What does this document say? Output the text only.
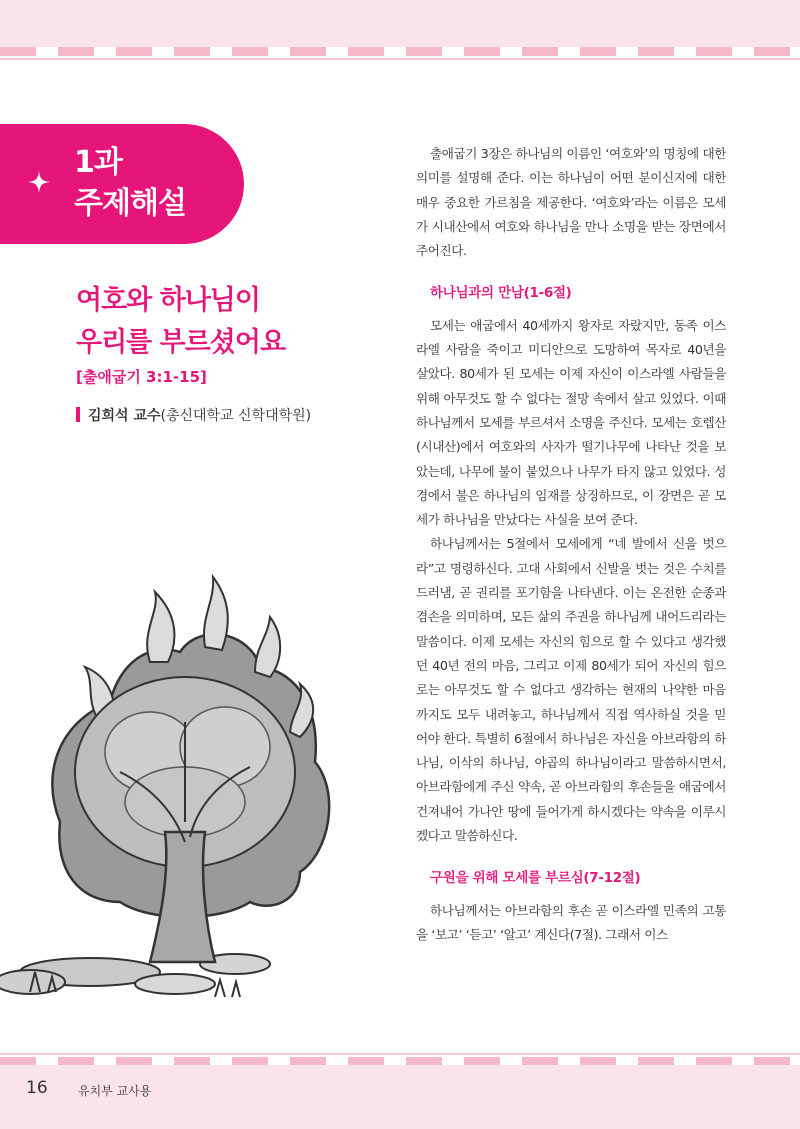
1과
주제해설
여호와 하나님이
우리를 부르셨어요
[출애굽기 3:1-15]
김희석 교수(총신대학교 신학대학원)

출애굽기 3장은 하나님의 이름인 ‘여호와’의 명칭에 대한 의미를 설명해 준다. 이는 하나님이 어떤 분이신지에 대한 매우 중요한 가르침을 제공한다. ‘여호와’라는 이름은 모세가 시내산에서 여호와 하나님을 만나 소명을 받는 장면에서 주어진다.

하나님과의 만남(1-6절)

모세는 애굽에서 40세까지 왕자로 자랐지만, 동족 이스라엘 사람을 죽이고 미디안으로 도망하여 목자로 40년을 살았다. 80세가 된 모세는 이제 자신이 이스라엘 사람들을 위해 아무것도 할 수 없다는 절망 속에서 살고 있었다. 이때 하나님께서 모세를 부르셔서 소명을 주신다. 모세는 호렙산(시내산)에서 여호와의 사자가 떨기나무에 나타난 것을 보았는데, 나무에 불이 붙었으나 나무가 타지 않고 있었다. 성경에서 불은 하나님의 임재를 상징하므로, 이 장면은 곧 모세가 하나님을 만났다는 사실을 보여 준다.

하나님께서는 5절에서 모세에게 “네 발에서 신을 벗으라”고 명령하신다. 고대 사회에서 신발을 벗는 것은 수치를 드러냄, 곧 권리를 포기함을 나타낸다. 이는 온전한 순종과 겸손을 의미하며, 모든 삶의 주권을 하나님께 내어드리라는 말씀이다. 이제 모세는 자신의 힘으로 할 수 있다고 생각했던 40년 전의 마음, 그리고 이제 80세가 되어 자신의 힘으로는 아무것도 할 수 없다고 생각하는 현재의 나약한 마음까지도 모두 내려놓고, 하나님께서 직접 역사하실 것을 믿어야 한다. 특별히 6절에서 하나님은 자신을 아브라함의 하나님, 이삭의 하나님, 야곱의 하나님이라고 말씀하시면서, 아브라함에게 주신 약속, 곧 아브라함의 후손들을 애굽에서 건져내어 가나안 땅에 들어가게 하시겠다는 약속을 이루시겠다고 말씀하신다.

구원을 위해 모세를 부르심(7-12절)

하나님께서는 아브라함의 후손 곧 이스라엘 민족의 고통을 ‘보고’ ‘듣고’ ‘알고’ 계신다(7절). 그래서 이스

16	유치부 교사용
